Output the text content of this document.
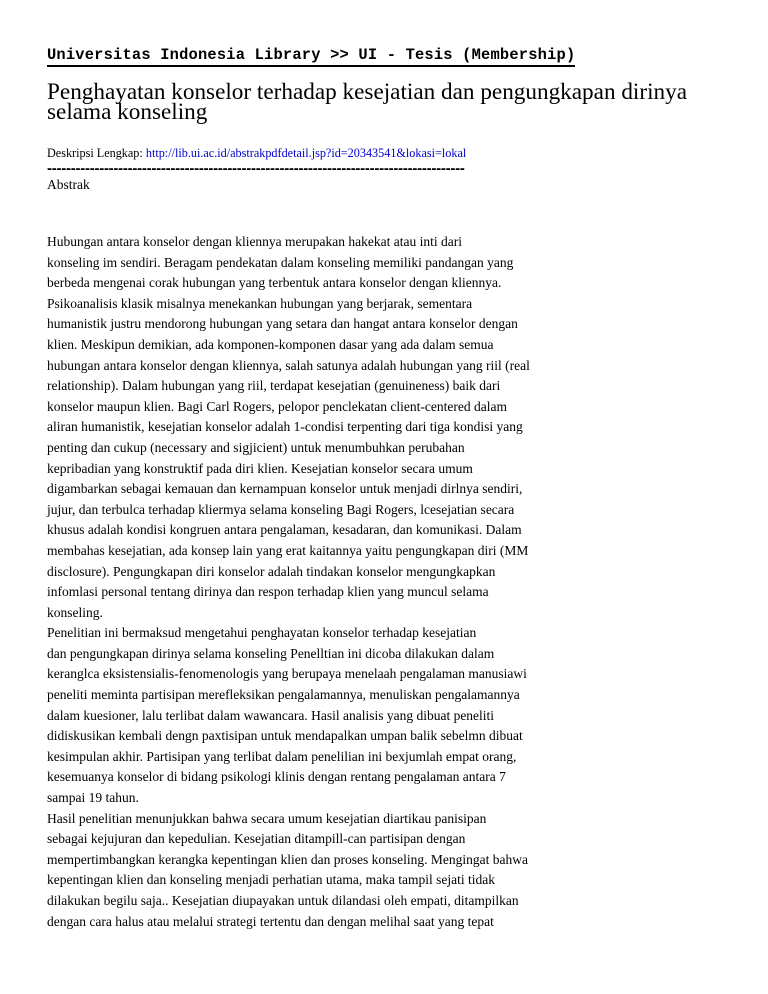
Universitas Indonesia Library >> UI - Tesis (Membership)
Penghayatan konselor terhadap kesejatian dan pengungkapan dirinya selama konseling
Deskripsi Lengkap: http://lib.ui.ac.id/abstrakpdfdetail.jsp?id=20343541&lokasi=lokal
----------------------------------------------------------------------------------------
Abstrak
Hubungan antara konselor dengan kliennya merupakan hakekat atau inti dari
konseling im sendiri. Beragam pendekatan dalam konseling memiliki pandangan yang
berbeda mengenai corak hubungan yang terbentuk antara konselor dengan kliennya.
Psikoanalisis klasik misalnya menekankan hubungan yang berjarak, sementara
humanistik justru mendorong hubungan yang setara dan hangat antara konselor dengan
klien. Meskipun demikian, ada komponen-komponen dasar yang ada dalam semua
hubungan antara konselor dengan kliennya, salah satunya adalah hubungan yang riil (real
relationship). Dalam hubungan yang riil, terdapat kesejatian (genuineness) baik dari
konselor maupun klien. Bagi Carl Rogers, pelopor penclekatan client-centered dalam
aliran humanistik, kesejatian konselor adalah 1-condisi terpenting dari tiga kondisi yang
penting dan cukup (necessary and sigjicient) untuk menumbuhkan perubahan
kepribadian yang konstruktif pada diri klien. Kesejatian konselor secara umum
digambarkan sebagai kemauan dan kernampuan konselor untuk menjadi dirlnya sendiri,
jujur, dan terbulca terhadap kliermya selama konseling Bagi Rogers, lcesejatian secara
khusus adalah kondisi kongruen antara pengalaman, kesadaran, dan komunikasi. Dalam
membahas kesejatian, ada konsep lain yang erat kaitannya yaitu pengungkapan diri (MM
disclosure). Pengungkapan diri konselor adalah tindakan konselor mengungkapkan
infomlasi personal tentang dirinya dan respon terhadap klien yang muncul selama
konseling.
Penelitian ini bermaksud mengetahui penghayatan konselor terhadap kesejatian
dan pengungkapan dirinya selama konseling Penelltian ini dicoba dilakukan dalam
keranglca eksistensialis-fenomenologis yang berupaya menelaah pengalaman manusiawi
peneliti meminta partisipan merefleksikan pengalamannya, menuliskan pengalamannya
dalam kuesioner, lalu terlibat dalam wawancara. Hasil analisis yang dibuat peneliti
didiskusikan kembali dengn paxtisipan untuk mendapalkan umpan balik sebelmn dibuat
kesimpulan akhir. Partisipan yang terlibat dalam penelilian ini bexjumlah empat orang,
kesemuanya konselor di bidang psikologi klinis dengan rentang pengalaman antara 7
sampai 19 tahun.
Hasil penelitian menunjukkan bahwa secara umum kesejatian diartikau panisipan
sebagai kejujuran dan kepedulian. Kesejatian ditampill-can partisipan dengan
mempertimbangkan kerangka kepentingan klien dan proses konseling. Mengingat bahwa
kepentingan klien dan konseling menjadi perhatian utama, maka tampil sejati tidak
dilakukan begilu saja.. Kesejatian diupayakan untuk dilandasi oleh empati, ditampilkan
dengan cara halus atau melalui strategi tertentu dan dengan melihal saat yang tepat
